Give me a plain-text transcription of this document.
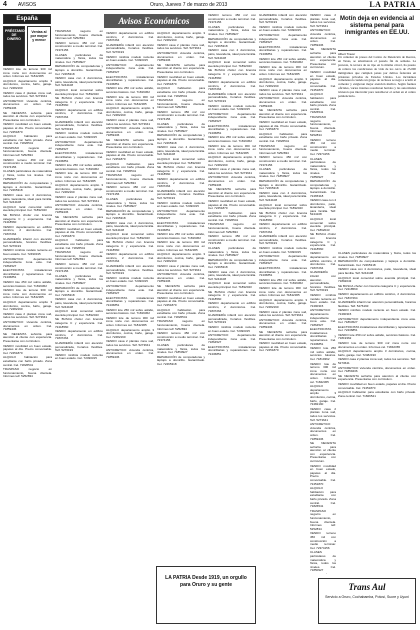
4 AVISOS	Oruro, Jueves 7 de marzo de 2013	LA PATRIA
España
PRÉSTAMOS DE DINERO
Ventas al por mayor y menor
Avisos Económicos

VENDO lote de terreno 300 m2 zona norte con documentos en orden. Informes cel. 71842365

ALQUILO departamento amplio 3 dormitorios, cocina, baño, garaje. Cel. 72482190

VENDO casa 2 plantas zona sud, todos los servicios. Telf. 5273641

ANTICRETICO vivienda céntrica, documentos en orden. Cel. 71859436

SE NECESITA señorita para atención al cliente con experiencia. Presentarse con currículum.

VENDO movilidad en buen estado, papeles al día. Precio conversable. Cel. 72451870

ALQUILO habitación para estudiante con baño privado. Zona central. Cel. 71826541

TRASPASO negocio en funcionamiento, buena clientela. Informes telf. 5252834

VENDO terreno 450 m2 con construcción a medio terminar. Cel. 72374156

CLASES particulares de matemática y física, todos los niveles. Cel. 71850927

REPARACIÓN de computadoras y laptops a domicilio. Garantizado. Cel. 72465318

VENDO casa con 4 dormitorios, patio, lavandería, ideal para familia. Telf. 5244108

ALQUILO local comercial sobre avenida principal. Cel. 71892043

SE BUSCA chofer con licencia categoría C y experiencia. Cel. 72418560

VENDO departamento en edificio céntrico, 2 dormitorios. Cel. 71837264

GUARDERÍA infantil con atención personalizada, horarios flexibles. Telf. 5276193

VENDO minibús modelo reciente en buen estado. Cel. 72490315

ANTICRETICO departamento independiente zona este. Cel. 71864527

ELECTRICISTA instalaciones domiciliarias y reparaciones. Cel. 72436851

VENDO lote 250 m2 sobre asfalto, servicios básicos. Cel. 71819362

VENDO lote de terreno 300 m2 zona norte con documentos en orden. Informes cel. 71842365

ALQUILO departamento amplio 3 dormitorios, cocina, baño, garaje. Cel. 72482190

VENDO casa 2 plantas zona sud, todos los servicios. Telf. 5273641

ANTICRETICO vivienda céntrica, documentos en orden. Cel. 71859436

SE NECESITA señorita para atención al cliente con experiencia. Presentarse con currículum.

VENDO movilidad en buen estado, papeles al día. Precio conversable. Cel. 72451870

ALQUILO habitación para estudiante con baño privado. Zona central. Cel. 71826541

TRASPASO negocio en funcionamiento, buena clientela. Informes telf. 5252834

TRASPASO negocio en funcionamiento, buena clientela. Informes telf. 5252834

VENDO terreno 450 m2 con construcción a medio terminar. Cel. 72374156

CLASES particulares de matemática y física, todos los niveles. Cel. 71850927

REPARACIÓN de computadoras y laptops a domicilio. Garantizado. Cel. 72465318

VENDO casa con 4 dormitorios, patio, lavandería, ideal para familia. Telf. 5244108

ALQUILO local comercial sobre avenida principal. Cel. 71892043

SE BUSCA chofer con licencia categoría C y experiencia. Cel. 72418560

VENDO departamento en edificio céntrico, 2 dormitorios. Cel. 71837264

GUARDERÍA infantil con atención personalizada, horarios flexibles. Telf. 5276193

VENDO minibús modelo reciente en buen estado. Cel. 72490315

ANTICRETICO departamento independiente zona este. Cel. 71864527

ELECTRICISTA instalaciones domiciliarias y reparaciones. Cel. 72436851

VENDO lote 250 m2 sobre asfalto, servicios básicos. Cel. 71819362

VENDO lote de terreno 300 m2 zona norte con documentos en orden. Informes cel. 71842365

ALQUILO departamento amplio 3 dormitorios, cocina, baño, garaje. Cel. 72482190

VENDO casa 2 plantas zona sud, todos los servicios. Telf. 5273641

ANTICRETICO vivienda céntrica, documentos en orden. Cel. 71859436

SE NECESITA señorita para atención al cliente con experiencia. Presentarse con currículum.

VENDO movilidad en buen estado, papeles al día. Precio conversable. Cel. 72451870

ALQUILO habitación para estudiante con baño privado. Zona central. Cel. 71826541

TRASPASO negocio en funcionamiento, buena clientela. Informes telf. 5252834

VENDO terreno 450 m2 con construcción a medio terminar. Cel. 72374156

CLASES particulares de matemática y física, todos los niveles. Cel. 71850927

REPARACIÓN de computadoras y laptops a domicilio. Garantizado. Cel. 72465318

VENDO casa con 4 dormitorios, patio, lavandería, ideal para familia. Telf. 5244108

ALQUILO local comercial sobre avenida principal. Cel. 71892043

SE BUSCA chofer con licencia categoría C y experiencia. Cel. 72418560

VENDO departamento en edificio céntrico, 2 dormitorios. Cel. 71837264

GUARDERÍA infantil con atención personalizada, horarios flexibles. Telf. 5276193

VENDO minibús modelo reciente en buen estado. Cel. 72490315

VENDO departamento en edificio céntrico, 2 dormitorios. Cel. 71837264

GUARDERÍA infantil con atención personalizada, horarios flexibles. Telf. 5276193

VENDO minibús modelo reciente en buen estado. Cel. 72490315

ANTICRETICO departamento independiente zona este. Cel. 71864527

ELECTRICISTA instalaciones domiciliarias y reparaciones. Cel. 72436851

VENDO lote 250 m2 sobre asfalto, servicios básicos. Cel. 71819362

VENDO lote de terreno 300 m2 zona norte con documentos en orden. Informes cel. 71842365

ALQUILO departamento amplio 3 dormitorios, cocina, baño, garaje. Cel. 72482190

VENDO casa 2 plantas zona sud, todos los servicios. Telf. 5273641

ANTICRETICO vivienda céntrica, documentos en orden. Cel. 71859436

SE NECESITA señorita para atención al cliente con experiencia. Presentarse con currículum.

VENDO movilidad en buen estado, papeles al día. Precio conversable. Cel. 72451870

ALQUILO habitación para estudiante con baño privado. Zona central. Cel. 71826541

TRASPASO negocio en funcionamiento, buena clientela. Informes telf. 5252834

VENDO terreno 450 m2 con construcción a medio terminar. Cel. 72374156

CLASES particulares de matemática y física, todos los niveles. Cel. 71850927

REPARACIÓN de computadoras y laptops a domicilio. Garantizado. Cel. 72465318

VENDO casa con 4 dormitorios, patio, lavandería, ideal para familia. Telf. 5244108

ALQUILO local comercial sobre avenida principal. Cel. 71892043

SE BUSCA chofer con licencia categoría C y experiencia. Cel. 72418560

VENDO departamento en edificio céntrico, 2 dormitorios. Cel. 71837264

GUARDERÍA infantil con atención personalizada, horarios flexibles. Telf. 5276193

VENDO minibús modelo reciente en buen estado. Cel. 72490315

ANTICRETICO departamento independiente zona este. Cel. 71864527

ELECTRICISTA instalaciones domiciliarias y reparaciones. Cel. 72436851

VENDO lote 250 m2 sobre asfalto, servicios básicos. Cel. 71819362

VENDO lote de terreno 300 m2 zona norte con documentos en orden. Informes cel. 71842365

ALQUILO departamento amplio 3 dormitorios, cocina, baño, garaje. Cel. 72482190

VENDO casa 2 plantas zona sud, todos los servicios. Telf. 5273641

ANTICRETICO vivienda céntrica, documentos en orden. Cel. 71859436

ALQUILO departamento amplio 3 dormitorios, cocina, baño, garaje. Cel. 72482190

VENDO casa 2 plantas zona sud, todos los servicios. Telf. 5273641

ANTICRETICO vivienda céntrica, documentos en orden. Cel. 71859436

SE NECESITA señorita para atención al cliente con experiencia. Presentarse con currículum.

VENDO movilidad en buen estado, papeles al día. Precio conversable. Cel. 72451870

ALQUILO habitación para estudiante con baño privado. Zona central. Cel. 71826541

TRASPASO negocio en funcionamiento, buena clientela. Informes telf. 5252834

VENDO terreno 450 m2 con construcción a medio terminar. Cel. 72374156

CLASES particulares de matemática y física, todos los niveles. Cel. 71850927

REPARACIÓN de computadoras y laptops a domicilio. Garantizado. Cel. 72465318

VENDO casa con 4 dormitorios, patio, lavandería, ideal para familia. Telf. 5244108

ALQUILO local comercial sobre avenida principal. Cel. 71892043

SE BUSCA chofer con licencia categoría C y experiencia. Cel. 72418560

VENDO departamento en edificio céntrico, 2 dormitorios. Cel. 71837264

GUARDERÍA infantil con atención personalizada, horarios flexibles. Telf. 5276193

VENDO minibús modelo reciente en buen estado. Cel. 72490315

ANTICRETICO departamento independiente zona este. Cel. 71864527

ELECTRICISTA instalaciones domiciliarias y reparaciones. Cel. 72436851

VENDO lote 250 m2 sobre asfalto, servicios básicos. Cel. 71819362

VENDO lote de terreno 300 m2 zona norte con documentos en orden. Informes cel. 71842365

ALQUILO departamento amplio 3 dormitorios, cocina, baño, garaje. Cel. 72482190

VENDO casa 2 plantas zona sud, todos los servicios. Telf. 5273641

ANTICRETICO vivienda céntrica, documentos en orden. Cel. 71859436

SE NECESITA señorita para atención al cliente con experiencia. Presentarse con currículum.

VENDO movilidad en buen estado, papeles al día. Precio conversable. Cel. 72451870

ALQUILO habitación para estudiante con baño privado. Zona central. Cel. 71826541

TRASPASO negocio en funcionamiento, buena clientela. Informes telf. 5252834

VENDO terreno 450 m2 con construcción a medio terminar. Cel. 72374156

CLASES particulares de matemática y física, todos los niveles. Cel. 71850927

REPARACIÓN de computadoras y laptops a domicilio. Garantizado. Cel. 72465318

VENDO terreno 450 m2 con construcción a medio terminar. Cel. 72374156

CLASES particulares de matemática y física, todos los niveles. Cel. 71850927

REPARACIÓN de computadoras y laptops a domicilio. Garantizado. Cel. 72465318

VENDO casa con 4 dormitorios, patio, lavandería, ideal para familia. Telf. 5244108

ALQUILO local comercial sobre avenida principal. Cel. 71892043

SE BUSCA chofer con licencia categoría C y experiencia. Cel. 72418560

VENDO departamento en edificio céntrico, 2 dormitorios. Cel. 71837264

GUARDERÍA infantil con atención personalizada, horarios flexibles. Telf. 5276193

VENDO minibús modelo reciente en buen estado. Cel. 72490315

ANTICRETICO departamento independiente zona este. Cel. 71864527

ELECTRICISTA instalaciones domiciliarias y reparaciones. Cel. 72436851

VENDO lote 250 m2 sobre asfalto, servicios básicos. Cel. 71819362

VENDO lote de terreno 300 m2 zona norte con documentos en orden. Informes cel. 71842365

ALQUILO departamento amplio 3 dormitorios, cocina, baño, garaje. Cel. 72482190

VENDO casa 2 plantas zona sud, todos los servicios. Telf. 5273641

ANTICRETICO vivienda céntrica, documentos en orden. Cel. 71859436

SE NECESITA señorita para atención al cliente con experiencia. Presentarse con currículum.

VENDO movilidad en buen estado, papeles al día. Precio conversable. Cel. 72451870

ALQUILO habitación para estudiante con baño privado. Zona central. Cel. 71826541

TRASPASO negocio en funcionamiento, buena clientela. Informes telf. 5252834

VENDO terreno 450 m2 con construcción a medio terminar. Cel. 72374156

CLASES particulares de matemática y física, todos los niveles. Cel. 71850927

REPARACIÓN de computadoras y laptops a domicilio. Garantizado. Cel. 72465318

VENDO casa con 4 dormitorios, patio, lavandería, ideal para familia. Telf. 5244108

ALQUILO local comercial sobre avenida principal. Cel. 71892043

SE BUSCA chofer con licencia categoría C y experiencia. Cel. 72418560

VENDO departamento en edificio céntrico, 2 dormitorios. Cel. 71837264

GUARDERÍA infantil con atención personalizada, horarios flexibles. Telf. 5276193

VENDO minibús modelo reciente en buen estado. Cel. 72490315

ANTICRETICO departamento independiente zona este. Cel. 71864527

ELECTRICISTA instalaciones domiciliarias y reparaciones. Cel. 72436851

GUARDERÍA infantil con atención personalizada, horarios flexibles. Telf. 5276193

VENDO minibús modelo reciente en buen estado. Cel. 72490315

ANTICRETICO departamento independiente zona este. Cel. 71864527

ELECTRICISTA instalaciones domiciliarias y reparaciones. Cel. 72436851

VENDO lote 250 m2 sobre asfalto, servicios básicos. Cel. 71819362

VENDO lote de terreno 300 m2 zona norte con documentos en orden. Informes cel. 71842365

ALQUILO departamento amplio 3 dormitorios, cocina, baño, garaje. Cel. 72482190

VENDO casa 2 plantas zona sud, todos los servicios. Telf. 5273641

ANTICRETICO vivienda céntrica, documentos en orden. Cel. 71859436

SE NECESITA señorita para atención al cliente con experiencia. Presentarse con currículum.

VENDO movilidad en buen estado, papeles al día. Precio conversable. Cel. 72451870

ALQUILO habitación para estudiante con baño privado. Zona central. Cel. 71826541

TRASPASO negocio en funcionamiento, buena clientela. Informes telf. 5252834

VENDO terreno 450 m2 con construcción a medio terminar. Cel. 72374156

CLASES particulares de matemática y física, todos los niveles. Cel. 71850927

REPARACIÓN de computadoras y laptops a domicilio. Garantizado. Cel. 72465318

VENDO casa con 4 dormitorios, patio, lavandería, ideal para familia. Telf. 5244108

ALQUILO local comercial sobre avenida principal. Cel. 71892043

SE BUSCA chofer con licencia categoría C y experiencia. Cel. 72418560

VENDO departamento en edificio céntrico, 2 dormitorios. Cel. 71837264

GUARDERÍA infantil con atención personalizada, horarios flexibles. Telf. 5276193

VENDO minibús modelo reciente en buen estado. Cel. 72490315

ANTICRETICO departamento independiente zona este. Cel. 71864527

ELECTRICISTA instalaciones domiciliarias y reparaciones. Cel. 72436851

VENDO lote 250 m2 sobre asfalto, servicios básicos. Cel. 71819362

VENDO lote de terreno 300 m2 zona norte con documentos en orden. Informes cel. 71842365

ALQUILO departamento amplio 3 dormitorios, cocina, baño, garaje. Cel. 72482190

VENDO casa 2 plantas zona sud, todos los servicios. Telf. 5273641

ANTICRETICO vivienda céntrica, documentos en orden. Cel. 71859436

SE NECESITA señorita para atención al cliente con experiencia. Presentarse con currículum.

VENDO movilidad en buen estado, papeles al día. Precio conversable. Cel. 72451870

VENDO casa 2 plantas zona sud, todos los servicios. Telf. 5273641

ANTICRETICO vivienda céntrica, documentos en orden. Cel. 71859436

SE NECESITA señorita para atención al cliente con experiencia. Presentarse con currículum.

VENDO movilidad en buen estado, papeles al día. Precio conversable. Cel. 72451870

ALQUILO habitación para estudiante con baño privado. Zona central. Cel. 71826541

TRASPASO negocio en funcionamiento, buena clientela. Informes telf. 5252834

VENDO terreno 450 m2 con construcción a medio terminar. Cel. 72374156

CLASES particulares de matemática y física, todos los niveles. Cel. 71850927

REPARACIÓN de computadoras y laptops a domicilio. Garantizado. Cel. 72465318

VENDO casa con 4 dormitorios, patio, lavandería, ideal para familia. Telf. 5244108

ALQUILO local comercial sobre avenida principal. Cel. 71892043

SE BUSCA chofer con licencia categoría C y experiencia. Cel. 72418560

VENDO departamento en edificio céntrico, 2 dormitorios. Cel. 71837264

GUARDERÍA infantil con atención personalizada, horarios flexibles. Telf. 5276193

VENDO minibús modelo reciente en buen estado. Cel. 72490315

ANTICRETICO departamento independiente zona este. Cel. 71864527

ELECTRICISTA instalaciones domiciliarias y reparaciones. Cel. 72436851

VENDO lote 250 m2 sobre asfalto, servicios básicos. Cel. 71819362

VENDO lote de terreno 300 m2 zona norte con documentos en orden. Informes cel. 71842365

ALQUILO departamento amplio 3 dormitorios, cocina, baño, garaje. Cel. 72482190

VENDO casa 2 plantas zona sud, todos los servicios. Telf. 5273641

ANTICRETICO vivienda céntrica, documentos en orden. Cel. 71859436

SE NECESITA señorita para atención al cliente con experiencia. Presentarse con currículum.

VENDO movilidad en buen estado, papeles al día. Precio conversable. Cel. 72451870

ALQUILO habitación para estudiante con baño privado. Zona central. Cel. 71826541

TRASPASO negocio en funcionamiento, buena clientela. Informes telf. 5252834

VENDO terreno 450 m2 con construcción a medio terminar. Cel. 72374156

CLASES particulares de matemática y física, todos los niveles. Cel. 71850927

CLASES particulares de matemática y física, todos los niveles. Cel. 71850927

REPARACIÓN de computadoras y laptops a domicilio. Garantizado. Cel. 72465318

VENDO casa con 4 dormitorios, patio, lavandería, ideal para familia. Telf. 5244108

ALQUILO local comercial sobre avenida principal. Cel. 71892043

SE BUSCA chofer con licencia categoría C y experiencia. Cel. 72418560

VENDO departamento en edificio céntrico, 2 dormitorios. Cel. 71837264

GUARDERÍA infantil con atención personalizada, horarios flexibles. Telf. 5276193

VENDO minibús modelo reciente en buen estado. Cel. 72490315

ANTICRETICO departamento independiente zona este. Cel. 71864527

ELECTRICISTA instalaciones domiciliarias y reparaciones. Cel. 72436851

VENDO lote 250 m2 sobre asfalto, servicios básicos. Cel. 71819362

VENDO lote de terreno 300 m2 zona norte con documentos en orden. Informes cel. 71842365

ALQUILO departamento amplio 3 dormitorios, cocina, baño, garaje. Cel. 72482190

VENDO casa 2 plantas zona sud, todos los servicios. Telf. 5273641

ANTICRETICO vivienda céntrica, documentos en orden. Cel. 71859436

SE NECESITA señorita para atención al cliente con experiencia. Presentarse con currículum.

VENDO movilidad en buen estado, papeles al día. Precio conversable. Cel. 72451870

ALQUILO habitación para estudiante con baño privado. Zona central. Cel. 71826541

Motín deja en evidencia al sistema penal para inmigrantes en EE.UU.
Albert Traver
Un centenar de presos del Centro de Detención de Reeves, en Texas, se amotinaron el pasado fin de semana. La protesta, la tercera de su tipo en la misma cárcel, ha puesto de relieve las condiciones de vida de los cerca de 25.000 inmigrantes que cumplen penas por delitos federales en prisiones privadas de Estados Unidos. Los incidentes comenzaron cuando un grupo de reclusos se negó a acudir al comedor y exigieron mejor atención médica. Según fuentes oficiales, varios internos resultaron heridos y las autoridades tuvieron que intervenir para restablecer el orden en el centro penitenciario.
LA PATRIA Desde 1919, un orgullo para Oruro y su gente	Trans Aul
Servicio a Oruro, Cochabamba, Potosí, Sucre y Uyuni
